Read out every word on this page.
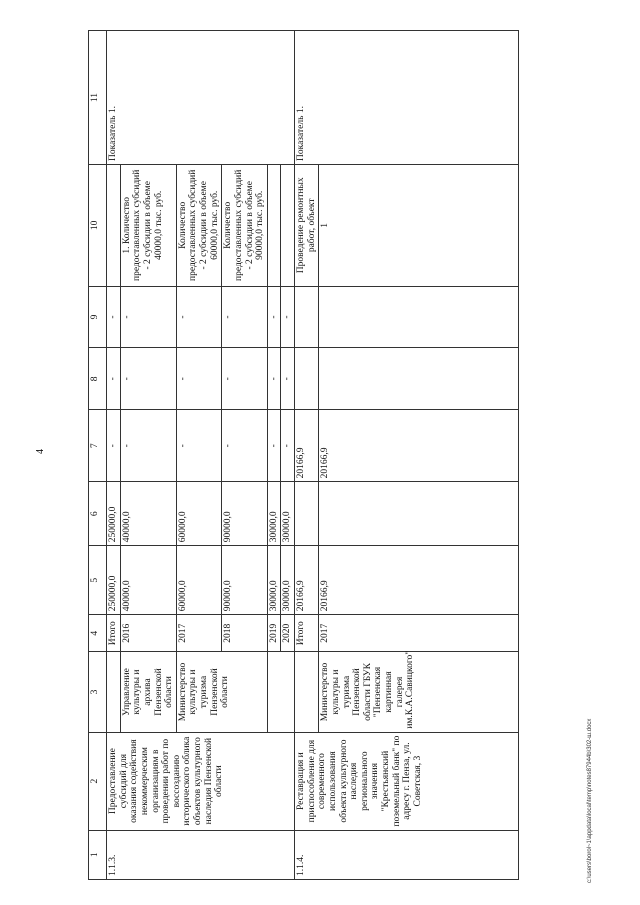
4
1	2	3	4	5	6	7	8	9	10	11
1.1.3.	Предоставление субсидий для оказания содействия некоммерческим организациям в проведении работ по воссозданию исторического облика объектов культурного наследия Пензенской области		Итого	250000,0	250000,0	-	-	-		Показатель 1.
		Управление культуры и архива Пензенской области	2016	40000,0	40000,0	-	-	-	1. Количество предоставленных субсидий - 2 субсидии в объеме 40000,0 тыс. руб.	
		Министерство культуры и туризма Пензенской области	2017	60000,0	60000,0	-	-	-	Количество предоставленных субсидий - 2 субсидии в объеме 60000,0 тыс. руб.	
			2018	90000,0	90000,0	-	-	-	Количество предоставленных субсидий - 2 субсидии в объеме 90000,0 тыс. руб.	
			2019	30000,0	30000,0	-	-	-		
			2020	30000,0	30000,0	-	-	-		
1.1.4.	Реставрация и приспособление для современного использования объекта культурного наследия регионального значения "Крестьянский поземельный банк" по адресу г. Пенза, ул. Советская, 3		Итого	20166,9		20166,9			Проведение ремонтных работ, объект	Показатель 1.
		Министерство культуры и туризма Пензенской области ГБУК "Пензенская картинная галерея им.К.А.Савицкого"	2017	20166,9		20166,9			1	
c:\users\borol~1\appdata\local\temp\notes87944b\302-ш.docx
